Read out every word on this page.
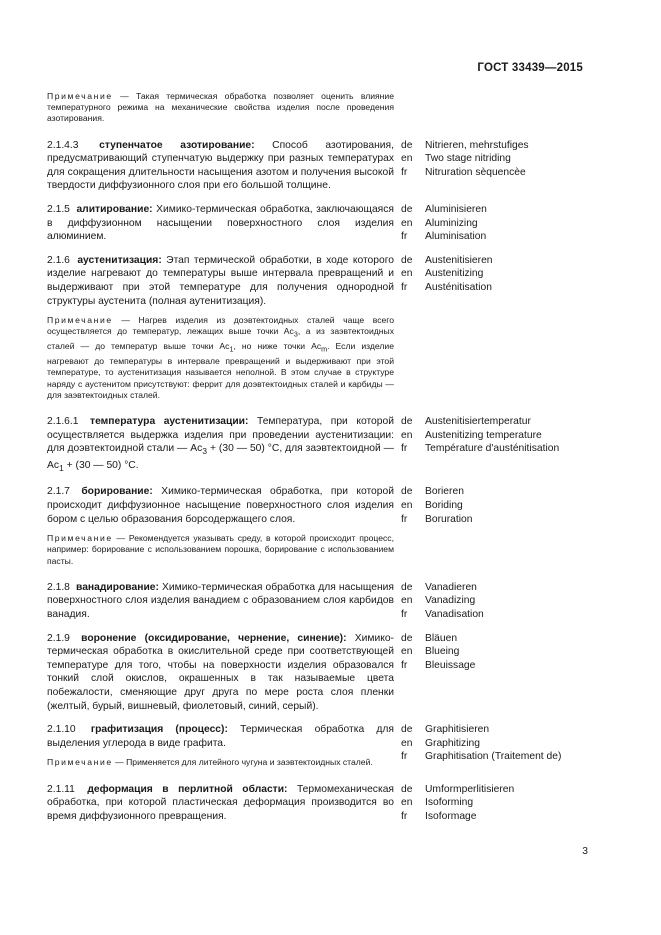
ГОСТ 33439—2015

Примечание — Такая термическая обработка позволяет оценить влияние температурного режима на механические свойства изделия после проведения азотирования.

2.1.4.3 ступенчатое азотирование: Способ азотирования, предусматривающий ступенчатую выдержку при разных температурах для сокращения длительности насыщения азотом и получения высокой твердости диффузионного слоя при его большой толщине.

de	Nitrieren, mehrstufiges
en	Two stage nitriding
fr	Nitruration sèquencèe

2.1.5 алитирование: Химико-термическая обработка, заключающаяся в диффузионном насыщении поверхностного слоя изделия алюминием.

de	Aluminisieren
en	Aluminizing
fr	Aluminisation

2.1.6 аустенитизация: Этап термической обработки, в ходе которого изделие нагревают до температуры выше интервала превращений и выдерживают при этой температуре для получения однородной структуры аустенита (полная аутенитизация).

Примечание — Нагрев изделия из доэвтектоидных сталей чаще всего осуществляется до температур, лежащих выше точки $Ac_3$, а из заэвтектоидных сталей — до температур выше точки $Ac_1$, но ниже точки $Ac_m$. Если изделие нагревают до температуры в интервале превращений и выдерживают при этой температуре, то аустенитизация называется неполной. В этом случае в структуре наряду с аустенитом присутствуют: феррит для доэвтектоидных сталей и карбиды — для заэвтектоидных сталей.

de	Austenitisieren
en	Austenitizing
fr	Austénitisation

2.1.6.1 температура аустенитизации: Температура, при которой осуществляется выдержка изделия при проведении аустенитизации: для доэвтектоидной стали — $Ac_3 + (30$ — 50) °С, для заэвтектоидной — $Ac_1 + (30$ — 50) °С.

de	Austenitisiertemperatur
en	Austenitizing temperature
fr	Température d'austénitisation

2.1.7 борирование: Химико-термическая обработка, при которой происходит диффузионное насыщение поверхностного слоя изделия бором с целью образования борсодержащего слоя.

Примечание — Рекомендуется указывать среду, в которой происходит процесс, например: борирование с использованием порошка, борирование с использованием пасты.

de	Borieren
en	Boriding
fr	Boruration

2.1.8 ванадирование: Химико-термическая обработка для насыщения поверхностного слоя изделия ванадием с образованием слоя карбидов ванадия.

de	Vanadieren
en	Vanadizing
fr	Vanadisation

2.1.9 воронение (оксидирование, чернение, синение): Химико-термическая обработка в окислительной среде при соответствующей температуре для того, чтобы на поверхности изделия образовался тонкий слой окислов, окрашенных в так называемые цвета побежалости, сменяющие друг друга по мере роста слоя пленки (желтый, бурый, вишневый, фиолетовый, синий, серый).

de	Bläuen
en	Blueing
fr	Bleuissage

2.1.10 графитизация (процесс): Термическая обработка для выделения углерода в виде графита.

Примечание — Применяется для литейного чугуна и заэвтектоидных сталей.

de	Graphitisieren
en	Graphitizing
fr	Graphitisation (Traitement de)

2.1.11 деформация в перлитной области: Термомеханическая обработка, при которой пластическая деформация производится во время диффузионного превращения.

de	Umformperlitisieren
en	Isoforming
fr	Isoformage
3
